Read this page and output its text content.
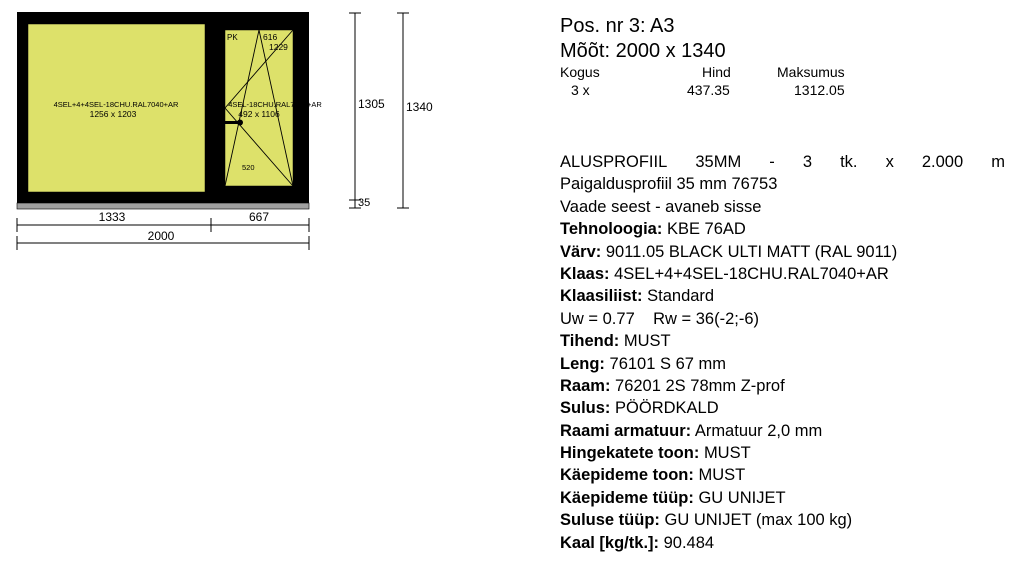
4SEL+4+4SEL-18CHU.RAL7040+AR
1256 x 1203
4SEL-18CHU.RAL7040+AR
492 x 1106
PK	616
1229
520
1333	667
2000
1305 1340
35
Pos. nr 3: A3
Mõõt: 2000 x 1340
Kogus	Hind	Maksumus
3 x	437.35	1312.05
ALUSPROFIIL 35MM - 3 tk. x 2.000 m
Paigaldusprofiil 35 mm 76753
Vaade seest - avaneb sisse
Tehnoloogia: KBE 76AD
Värv: 9011.05 BLACK ULTI MATT (RAL 9011)
Klaas: 4SEL+4+4SEL-18CHU.RAL7040+AR
Klaasiliist: Standard
Uw = 0.77    Rw = 36(-2;-6)
Tihend: MUST
Leng: 76101 S 67 mm
Raam: 76201 2S 78mm Z-prof
Sulus: PÖÖRDKALD
Raami armatuur: Armatuur 2,0 mm
Hingekatete toon: MUST
Käepideme toon: MUST
Käepideme tüüp: GU UNIJET
Suluse tüüp: GU UNIJET (max 100 kg)
Kaal [kg/tk.]: 90.484
